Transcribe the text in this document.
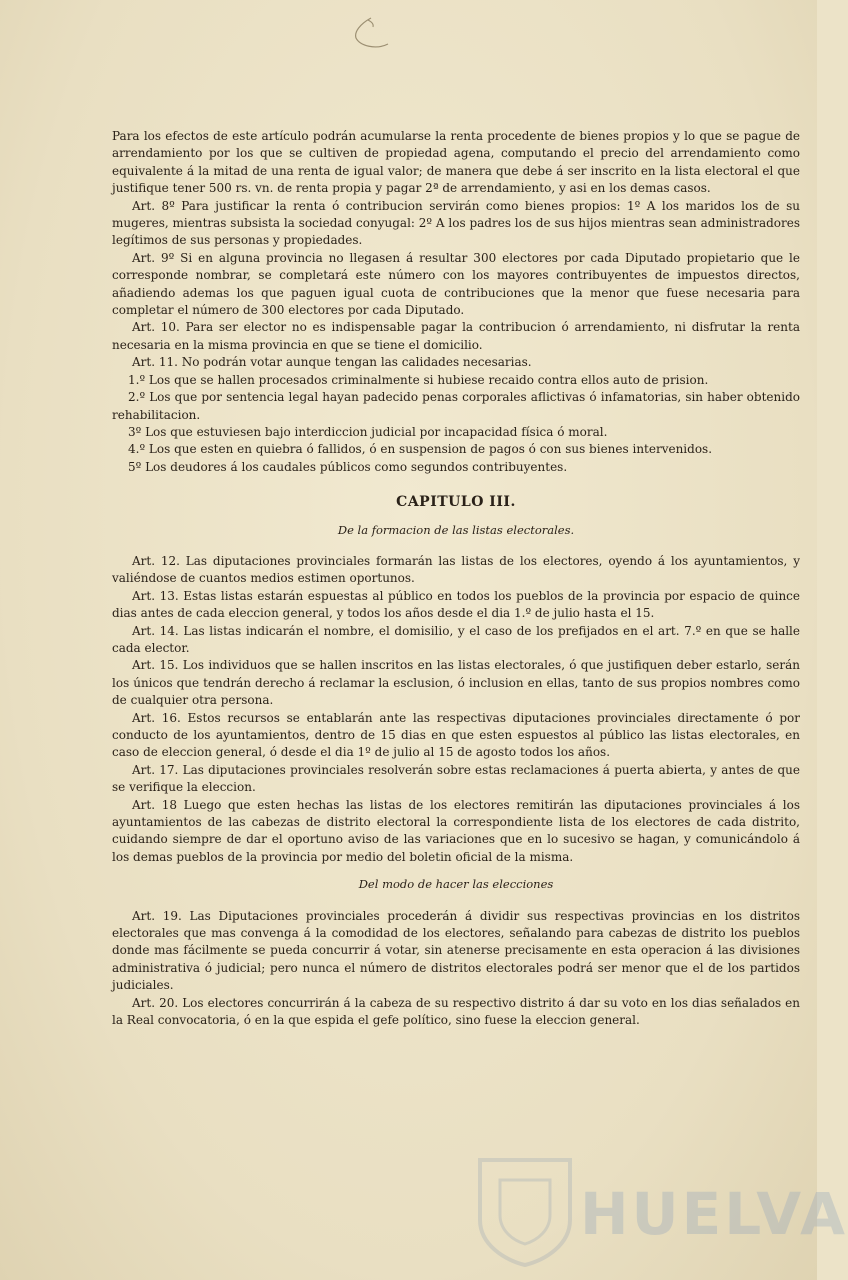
Para los efectos de este artículo podrán acumularse la renta procedente de bienes propios y lo que se pague de arrendamiento por los que se cultiven de propiedad agena, computando el precio del arrendamiento como equivalente á la mitad de una renta de igual valor; de manera que debe á ser inscrito en la lista electoral el que justifique tener 500 rs. vn. de renta propia y pagar 2ª de arrendamiento, y asi en los demas casos.

Art. 8º Para justificar la renta ó contribucion servirán como bienes propios: 1º A los maridos los de su mugeres, mientras subsista la sociedad conyugal: 2º A los padres los de sus hijos mientras sean administradores legítimos de sus personas y propiedades.

Art. 9º Si en alguna provincia no llegasen á resultar 300 electores por cada Diputado propietario que le corresponde nombrar, se completará este número con los mayores contribuyentes de impuestos directos, añadiendo ademas los que paguen igual cuota de contribuciones que la menor que fuese necesaria para completar el número de 300 electores por cada Diputado.

Art. 10. Para ser elector no es indispensable pagar la contribucion ó arrendamiento, ni disfrutar la renta necesaria en la misma provincia en que se tiene el domicilio.

Art. 11. No podrán votar aunque tengan las calidades necesarias.

1.º Los que se hallen procesados criminalmente si hubiese recaido contra ellos auto de prision.

2.º Los que por sentencia legal hayan padecido penas corporales aflictivas ó infamatorias, sin haber obtenido rehabilitacion.

3º Los que estuviesen bajo interdiccion judicial por incapacidad física ó moral.

4.º Los que esten en quiebra ó fallidos, ó en suspension de pagos ó con sus bienes intervenidos.

5º Los deudores á los caudales públicos como segundos contribuyentes.

CAPITULO III.

De la formacion de las listas electorales.

Art. 12. Las diputaciones provinciales formarán las listas de los electores, oyendo á los ayuntamientos, y valiéndose de cuantos medios estimen oportunos.

Art. 13. Estas listas estarán espuestas al público en todos los pueblos de la provincia por espacio de quince dias antes de cada eleccion general, y todos los años desde el dia 1.º de julio hasta el 15.

Art. 14. Las listas indicarán el nombre, el domisilio, y el caso de los prefijados en el art. 7.º en que se halle cada elector.

Art. 15. Los individuos que se hallen inscritos en las listas electorales, ó que justifiquen deber estarlo, serán los únicos que tendrán derecho á reclamar la esclusion, ó inclusion en ellas, tanto de sus propios nombres como de cualquier otra persona.

Art. 16. Estos recursos se entablarán ante las respectivas diputaciones provinciales directamente ó por conducto de los ayuntamientos, dentro de 15 dias en que esten espuestos al público las listas electorales, en caso de eleccion general, ó desde el dia 1º de julio al 15 de agosto todos los años.

Art. 17. Las diputaciones provinciales resolverán sobre estas reclamaciones á puerta abierta, y antes de que se verifique la eleccion.

Art. 18 Luego que esten hechas las listas de los electores remitirán las diputaciones provinciales á los ayuntamientos de las cabezas de distrito electoral la correspondiente lista de los electores de cada distrito, cuidando siempre de dar el oportuno aviso de las variaciones que en lo sucesivo se hagan, y comunicándolo á los demas pueblos de la provincia por medio del boletin oficial de la misma.

Del modo de hacer las elecciones

Art. 19. Las Diputaciones provinciales procederán á dividir sus respectivas provincias en los distritos electorales que mas convenga á la comodidad de los electores, señalando para cabezas de distrito los pueblos donde mas fácilmente se pueda concurrir á votar, sin atenerse precisamente en esta operacion á las divisiones administrativa ó judicial; pero nunca el número de distritos electorales podrá ser menor que el de los partidos judiciales.

Art. 20. Los electores concurrirán á la cabeza de su respectivo distrito á dar su voto en los dias señalados en la Real convocatoria, ó en la que espida el gefe político, sino fuese la eleccion general.

HUELVA
